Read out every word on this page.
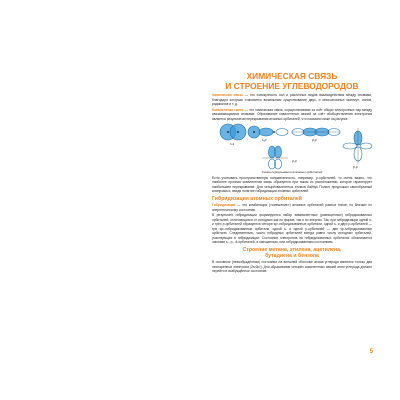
ХИМИЧЕСКАЯ СВЯЗЬ
И СТРОЕНИЕ УГЛЕВОДОРОДОВ

Химическая связь — это совокупность сил и различных видов взаимодействия между атомами, благодаря которым становится возможным существование двух- и многоатомных молекул, ионов, радикалов и т. д.

Ковалентная связь — это химическая связь, осуществляемая за счёт общих электронных пар между связывающимися атомами. Образование ковалентных связей за счёт обобществления электронов является результатом перекрывания атомных орбиталей, что показано ниже на рисунке.

s-s
s-p	p-p
p-p
p-p
Схема перекрывания атомных орбиталей

Если учитывать пространственную направленность, например, p-орбиталей, то очень важно, что наиболее прочная ковалентная связь образуется при таком их расположении, которое гарантирует наибольшее перекрывание. Для четырёхвалентных атомов Лайнус Полинг предложил своеобразный компромисс, введя понятие гибридизации атомных орбиталей.

Гибридизация атомных орбиталей

Гибридизация — это комбинация («смешение») атомных орбиталей разных типов, но близких по энергетическому состоянию.

В результате гибридизации формируются набор эквивалентных (равноценных) гибридизованных орбиталей, отличающихся от исходных как по форме, так и по энергии. Так, при гибридизации одной s- и трёх p-орбиталей образуются четыре sp³-гибридизованные орбитали, одной s- и двух p-орбиталей — три sp²-гибридизованные орбитали, одной s- и одной p-орбиталей — две sp-гибридизованные орбитали. Следовательно, число гибридных орбиталей всегда равно числу исходных орбиталей, участвующих в гибридизации. Состояние электронов на гибридизованных орбиталях обозначается числами s-, p-, d-орбиталей, а смешанным, или гибридизованным состоянием.

Строение метана, этилена, ацетилена,
бутадиена и бензола

В основном (невозбуждённом) состоянии на внешней оболочке атома углерода имеются только два неспаренных электрона (2s²2p²). Для образования четырёх ковалентных связей атом углерода должен перейти в возбуждённое состояние.

5
